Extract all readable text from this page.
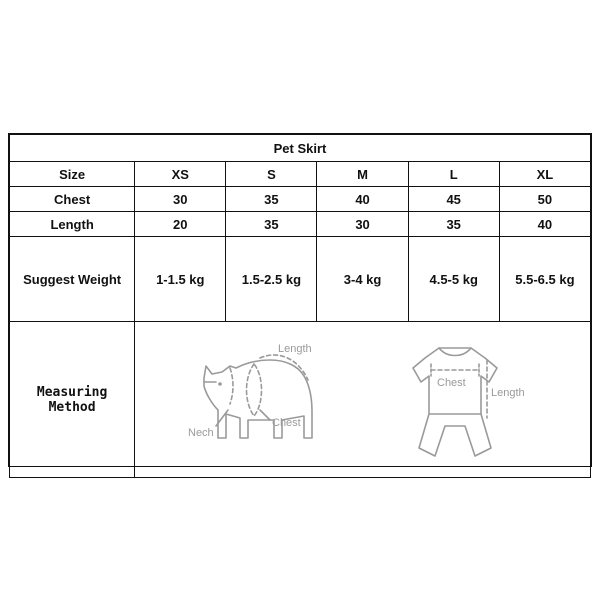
Pet Skirt					
Size	XS	S	M	L	XL
Chest	30	35	40	45	50
Length	20	35	30	35	40
Suggest Weight	1-1.5 kg	1.5-2.5 kg	3-4 kg	4.5-5 kg	5.5-6.5 kg
Measuring Method	Length
Chest
Nech
Chest
Length				
